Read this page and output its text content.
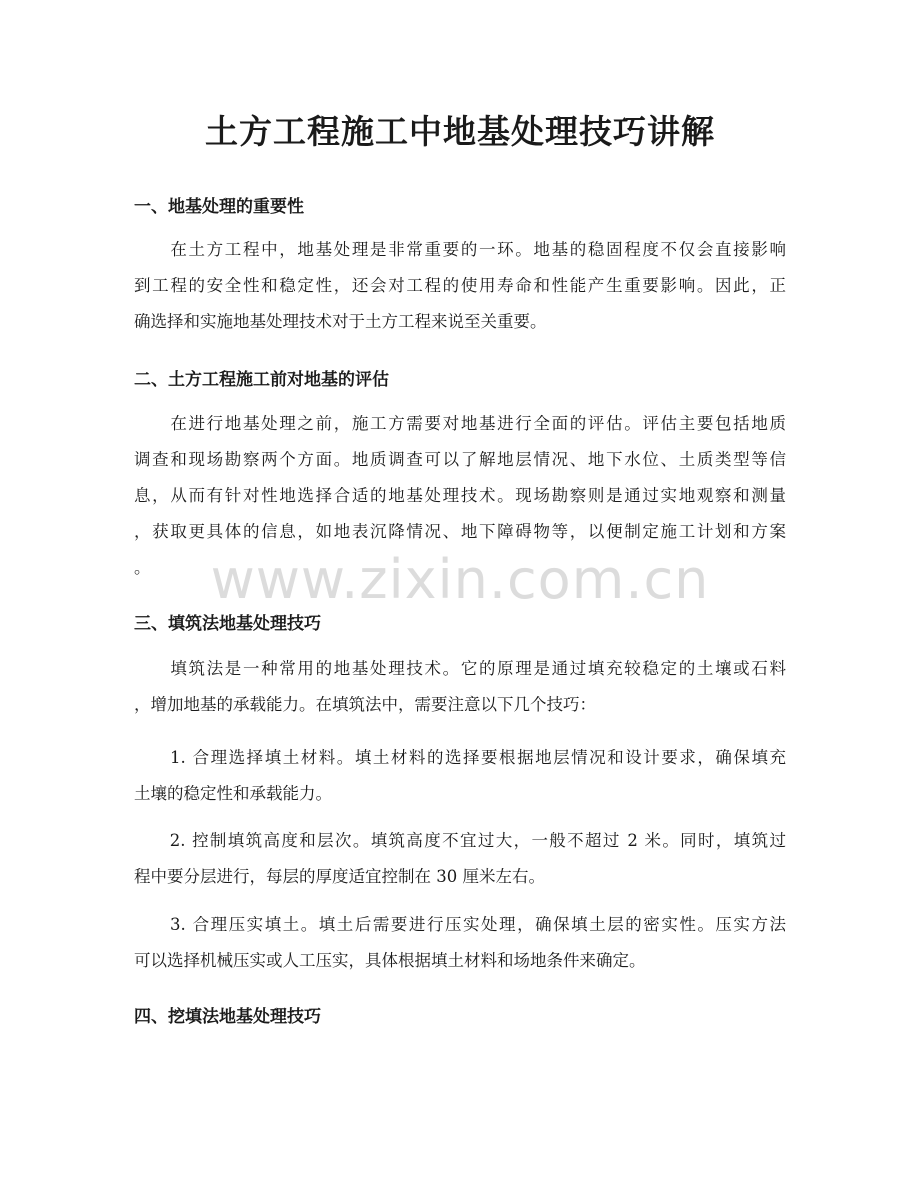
土方工程施工中地基处理技巧讲解
一、地基处理的重要性
　　在土方工程中，地基处理是非常重要的一环。地基的稳固程度不仅会直接影响
到工程的安全性和稳定性，还会对工程的使用寿命和性能产生重要影响。因此，正
确选择和实施地基处理技术对于土方工程来说至关重要。
二、土方工程施工前对地基的评估
　　在进行地基处理之前，施工方需要对地基进行全面的评估。评估主要包括地质
调查和现场勘察两个方面。地质调查可以了解地层情况、地下水位、土质类型等信
息，从而有针对性地选择合适的地基处理技术。现场勘察则是通过实地观察和测量
，获取更具体的信息，如地表沉降情况、地下障碍物等，以便制定施工计划和方案
。
三、填筑法地基处理技巧
　　填筑法是一种常用的地基处理技术。它的原理是通过填充较稳定的土壤或石料
，增加地基的承载能力。在填筑法中，需要注意以下几个技巧：
　　1. 合理选择填土材料。填土材料的选择要根据地层情况和设计要求，确保填充
土壤的稳定性和承载能力。
　　2. 控制填筑高度和层次。填筑高度不宜过大，一般不超过 2 米。同时，填筑过
程中要分层进行，每层的厚度适宜控制在 30 厘米左右。
　　3. 合理压实填土。填土后需要进行压实处理，确保填土层的密实性。压实方法
可以选择机械压实或人工压实，具体根据填土材料和场地条件来确定。
四、挖填法地基处理技巧
www.zixin.com.cn
